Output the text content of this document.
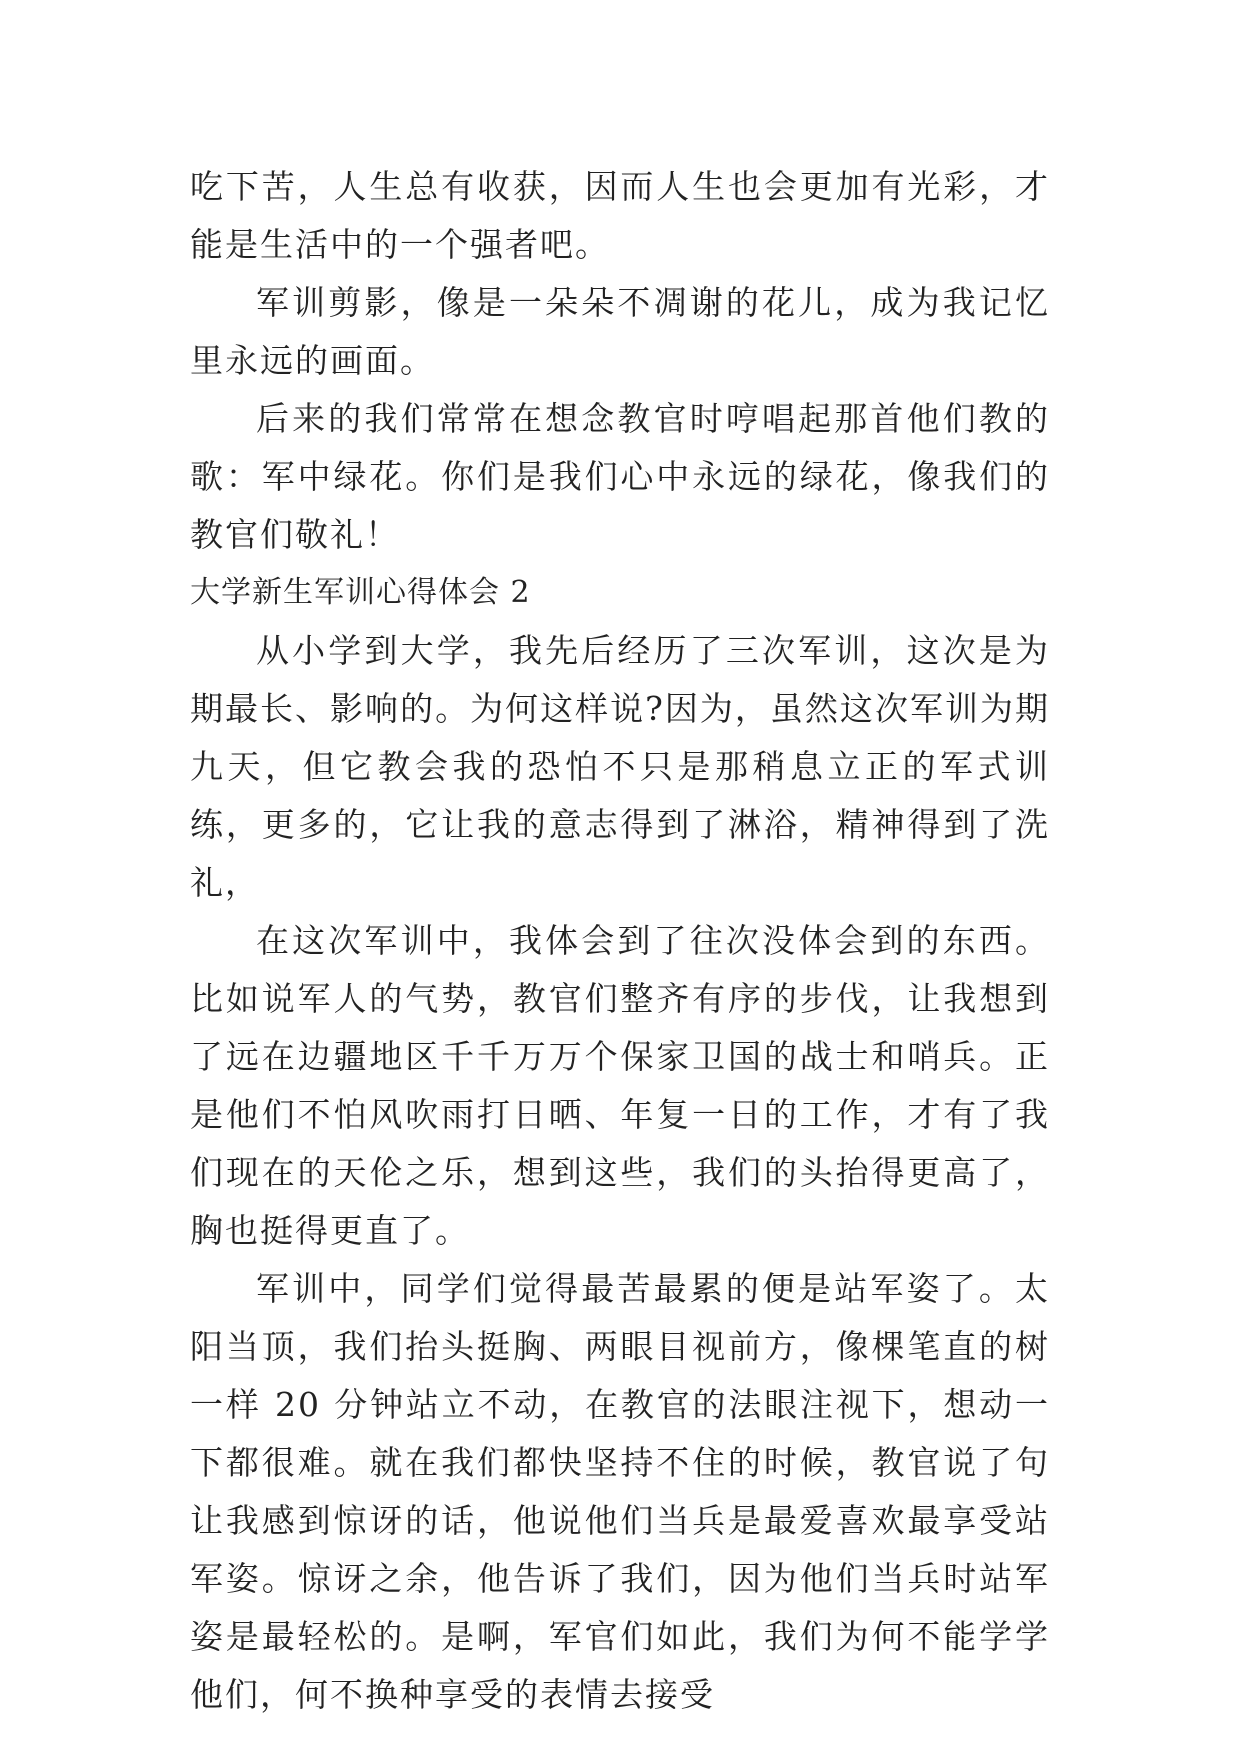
吃下苦，人生总有收获，因而人生也会更加有光彩，才能是生活中的一个强者吧。

军训剪影，像是一朵朵不凋谢的花儿，成为我记忆里永远的画面。

后来的我们常常在想念教官时哼唱起那首他们教的歌：军中绿花。你们是我们心中永远的绿花，像我们的教官们敬礼！

大学新生军训心得体会 2

从小学到大学，我先后经历了三次军训，这次是为期最长、影响的。为何这样说?因为，虽然这次军训为期九天，但它教会我的恐怕不只是那稍息立正的军式训练，更多的，它让我的意志得到了淋浴，精神得到了洗礼，

在这次军训中，我体会到了往次没体会到的东西。比如说军人的气势，教官们整齐有序的步伐，让我想到了远在边疆地区千千万万个保家卫国的战士和哨兵。正是他们不怕风吹雨打日晒、年复一日的工作，才有了我们现在的天伦之乐，想到这些，我们的头抬得更高了，胸也挺得更直了。

军训中，同学们觉得最苦最累的便是站军姿了。太阳当顶，我们抬头挺胸、两眼目视前方，像棵笔直的树一样 20 分钟站立不动，在教官的法眼注视下，想动一下都很难。就在我们都快坚持不住的时候，教官说了句让我感到惊讶的话，他说他们当兵是最爱喜欢最享受站军姿。惊讶之余，他告诉了我们，因为他们当兵时站军姿是最轻松的。是啊，军官们如此，我们为何不能学学他们，何不换种享受的表情去接受
